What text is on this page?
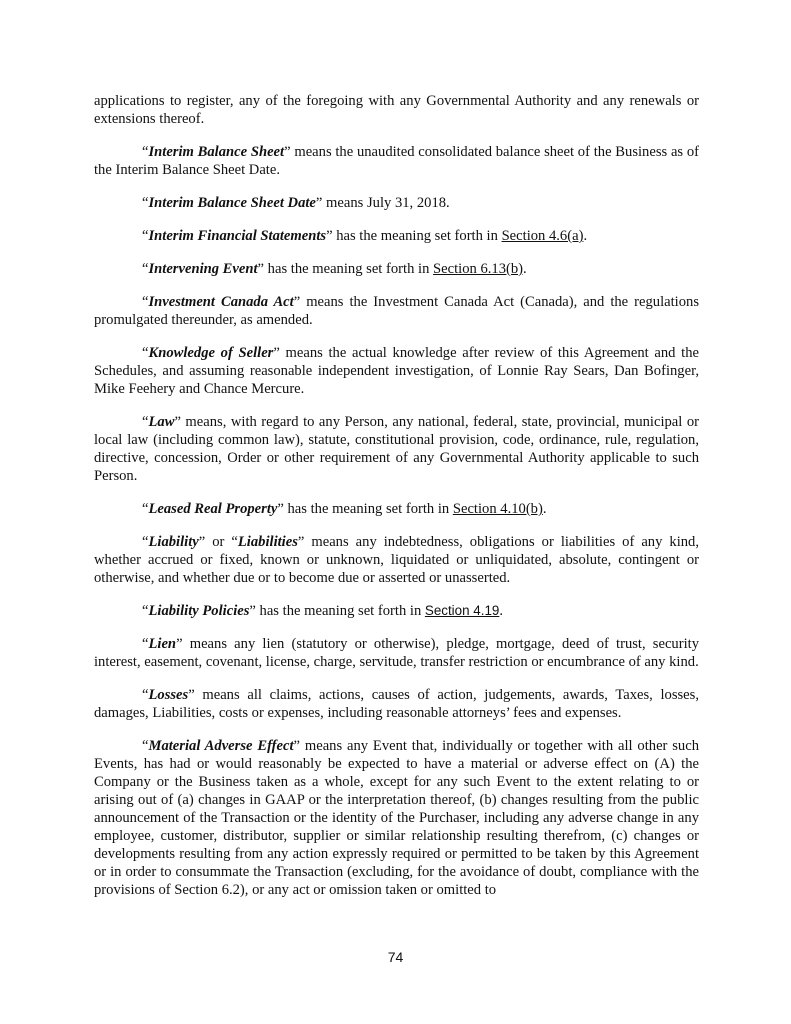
applications to register, any of the foregoing with any Governmental Authority and any renewals or extensions thereof.

“Interim Balance Sheet” means the unaudited consolidated balance sheet of the Business as of the Interim Balance Sheet Date.

“Interim Balance Sheet Date” means July 31, 2018.

“Interim Financial Statements” has the meaning set forth in Section 4.6(a).

“Intervening Event” has the meaning set forth in Section 6.13(b).

“Investment Canada Act” means the Investment Canada Act (Canada), and the regulations promulgated thereunder, as amended.

“Knowledge of Seller” means the actual knowledge after review of this Agreement and the Schedules, and assuming reasonable independent investigation, of Lonnie Ray Sears, Dan Bofinger, Mike Feehery and Chance Mercure.

“Law” means, with regard to any Person, any national, federal, state, provincial, municipal or local law (including common law), statute, constitutional provision, code, ordinance, rule, regulation, directive, concession, Order or other requirement of any Governmental Authority applicable to such Person.

“Leased Real Property” has the meaning set forth in Section 4.10(b).

“Liability” or “Liabilities” means any indebtedness, obligations or liabilities of any kind, whether accrued or fixed, known or unknown, liquidated or unliquidated, absolute, contingent or otherwise, and whether due or to become due or asserted or unasserted.

“Liability Policies” has the meaning set forth in Section 4.19.

“Lien” means any lien (statutory or otherwise), pledge, mortgage, deed of trust, security interest, easement, covenant, license, charge, servitude, transfer restriction or encumbrance of any kind.

“Losses” means all claims, actions, causes of action, judgements, awards, Taxes, losses, damages, Liabilities, costs or expenses, including reasonable attorneys’ fees and expenses.

“Material Adverse Effect” means any Event that, individually or together with all other such Events, has had or would reasonably be expected to have a material or adverse effect on (A) the Company or the Business taken as a whole, except for any such Event to the extent relating to or arising out of (a) changes in GAAP or the interpretation thereof, (b) changes resulting from the public announcement of the Transaction or the identity of the Purchaser, including any adverse change in any employee, customer, distributor, supplier or similar relationship resulting therefrom, (c) changes or developments resulting from any action expressly required or permitted to be taken by this Agreement or in order to consummate the Transaction (excluding, for the avoidance of doubt, compliance with the provisions of Section 6.2), or any act or omission taken or omitted to

74
